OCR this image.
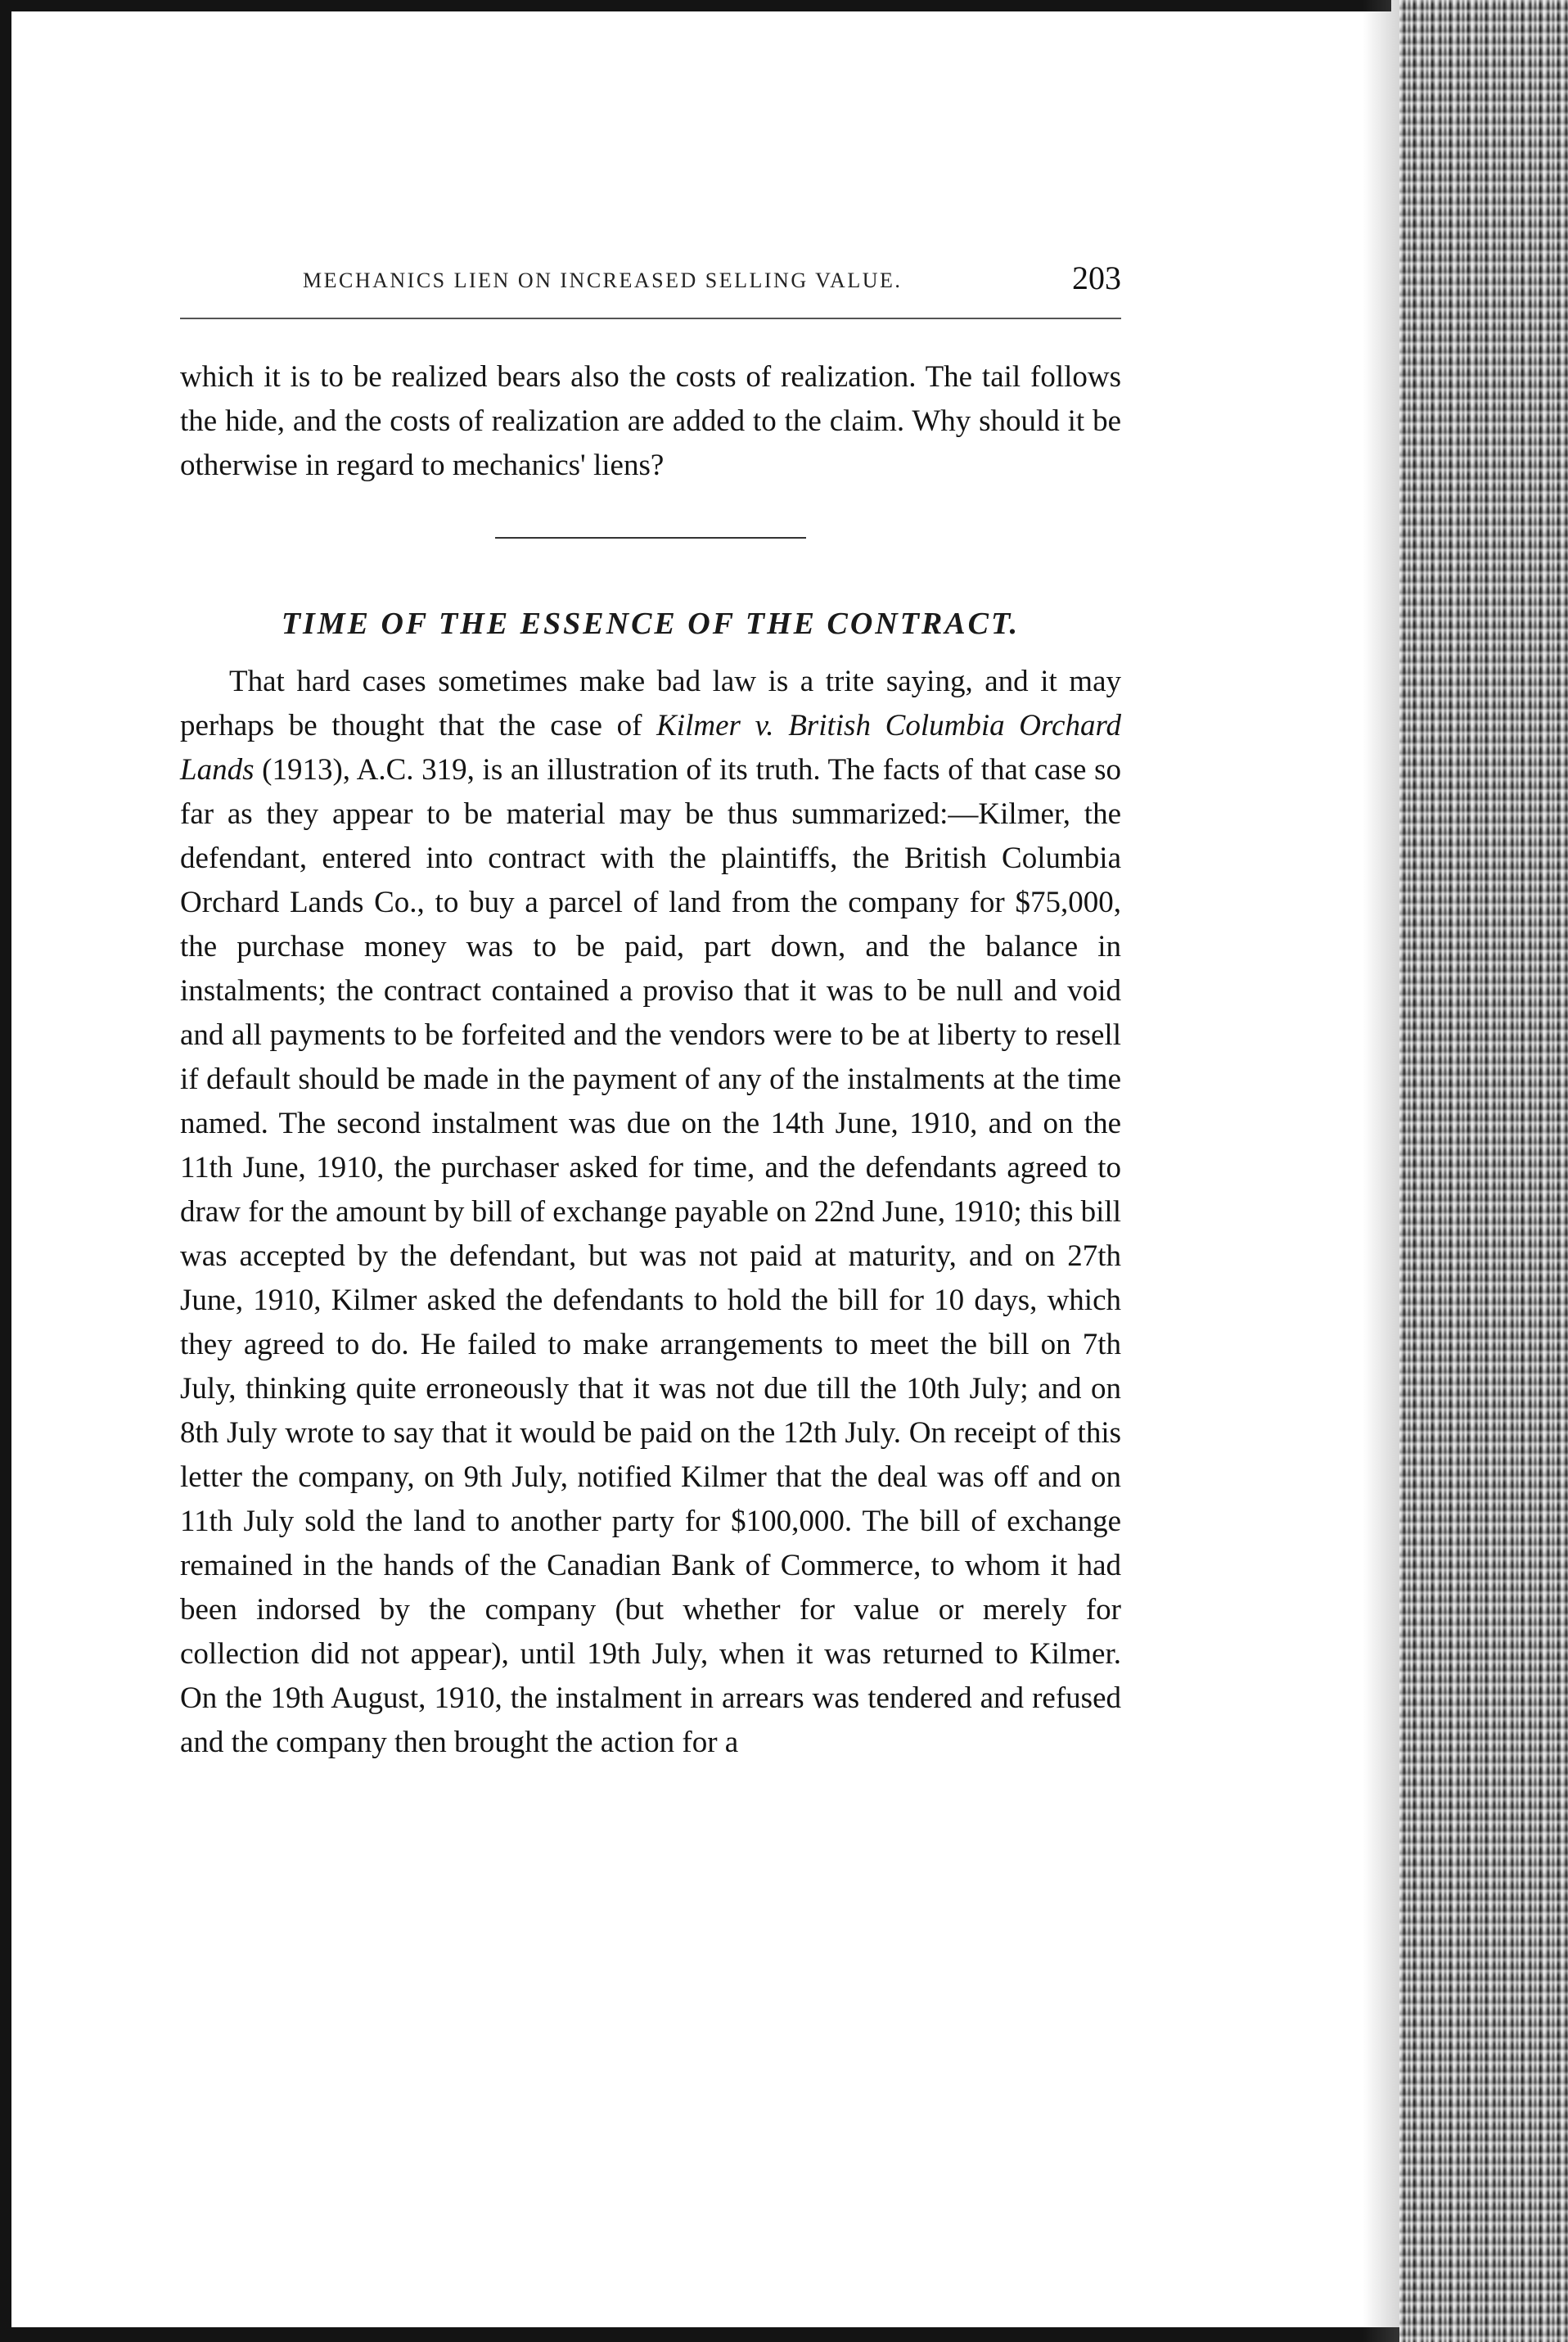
MECHANICS LIEN ON INCREASED SELLING VALUE.	203

which it is to be realized bears also the costs of realization. The tail follows the hide, and the costs of realization are added to the claim. Why should it be otherwise in regard to mechanics' liens?

TIME OF THE ESSENCE OF THE CONTRACT.

That hard cases sometimes make bad law is a trite saying, and it may perhaps be thought that the case of Kilmer v. British Columbia Orchard Lands (1913), A.C. 319, is an illustration of its truth. The facts of that case so far as they appear to be material may be thus summarized:—Kilmer, the defendant, entered into contract with the plaintiffs, the British Columbia Orchard Lands Co., to buy a parcel of land from the company for $75,000, the purchase money was to be paid, part down, and the balance in instalments; the contract contained a proviso that it was to be null and void and all payments to be forfeited and the vendors were to be at liberty to resell if default should be made in the payment of any of the instalments at the time named. The second instalment was due on the 14th June, 1910, and on the 11th June, 1910, the purchaser asked for time, and the defendants agreed to draw for the amount by bill of exchange payable on 22nd June, 1910; this bill was accepted by the defendant, but was not paid at maturity, and on 27th June, 1910, Kilmer asked the defendants to hold the bill for 10 days, which they agreed to do. He failed to make arrangements to meet the bill on 7th July, thinking quite erroneously that it was not due till the 10th July; and on 8th July wrote to say that it would be paid on the 12th July. On receipt of this letter the company, on 9th July, notified Kilmer that the deal was off and on 11th July sold the land to another party for $100,000. The bill of exchange remained in the hands of the Canadian Bank of Commerce, to whom it had been indorsed by the company (but whether for value or merely for collection did not appear), until 19th July, when it was returned to Kilmer. On the 19th August, 1910, the instalment in arrears was tendered and refused and the company then brought the action for a
